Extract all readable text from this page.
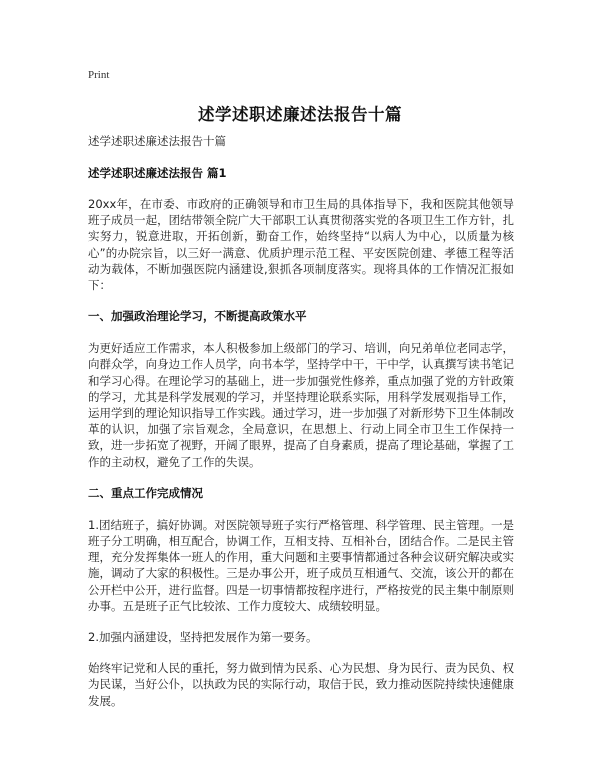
Print
述学述职述廉述法报告十篇
述学述职述廉述法报告十篇
述学述职述廉述法报告 篇1
20xx年，在市委、市政府的正确领导和市卫生局的具体指导下，我和医院其他领导班子成员一起，团结带领全院广大干部职工认真贯彻落实党的各项卫生工作方针，扎实努力，锐意进取，开拓创新，勤奋工作，始终坚持“以病人为中心，以质量为核心”的办院宗旨，以三好一满意、优质护理示范工程、平安医院创建、孝德工程等活动为载体，不断加强医院内涵建设,狠抓各项制度落实。现将具体的工作情况汇报如下：
一、加强政治理论学习，不断提高政策水平
为更好适应工作需求，本人积极参加上级部门的学习、培训，向兄弟单位老同志学，向群众学，向身边工作人员学，向书本学，坚持学中干，干中学，认真撰写读书笔记和学习心得。在理论学习的基础上，进一步加强党性修养，重点加强了党的方针政策的学习，尤其是科学发展观的学习，并坚持理论联系实际，用科学发展观指导工作，运用学到的理论知识指导工作实践。通过学习，进一步加强了对新形势下卫生体制改革的认识，加强了宗旨观念，全局意识，在思想上、行动上同全市卫生工作保持一致，进一步拓宽了视野，开阔了眼界，提高了自身素质，提高了理论基础，掌握了工作的主动权，避免了工作的失误。
二、重点工作完成情况
1.团结班子，搞好协调。对医院领导班子实行严格管理、科学管理、民主管理。一是班子分工明确，相互配合，协调工作，互相支持、互相补台，团结合作。二是民主管理，充分发挥集体一班人的作用，重大问题和主要事情都通过各种会议研究解决或实施，调动了大家的积极性。三是办事公开，班子成员互相通气、交流，该公开的都在公开栏中公开，进行监督。四是一切事情都按程序进行，严格按党的民主集中制原则办事。五是班子正气比较浓、工作力度较大、成绩较明显。
2.加强内涵建设，坚持把发展作为第一要务。
始终牢记党和人民的重托，努力做到情为民系、心为民想、身为民行、责为民负、权为民谋，当好公仆，以执政为民的实际行动，取信于民，致力推动医院持续快速健康发展。
